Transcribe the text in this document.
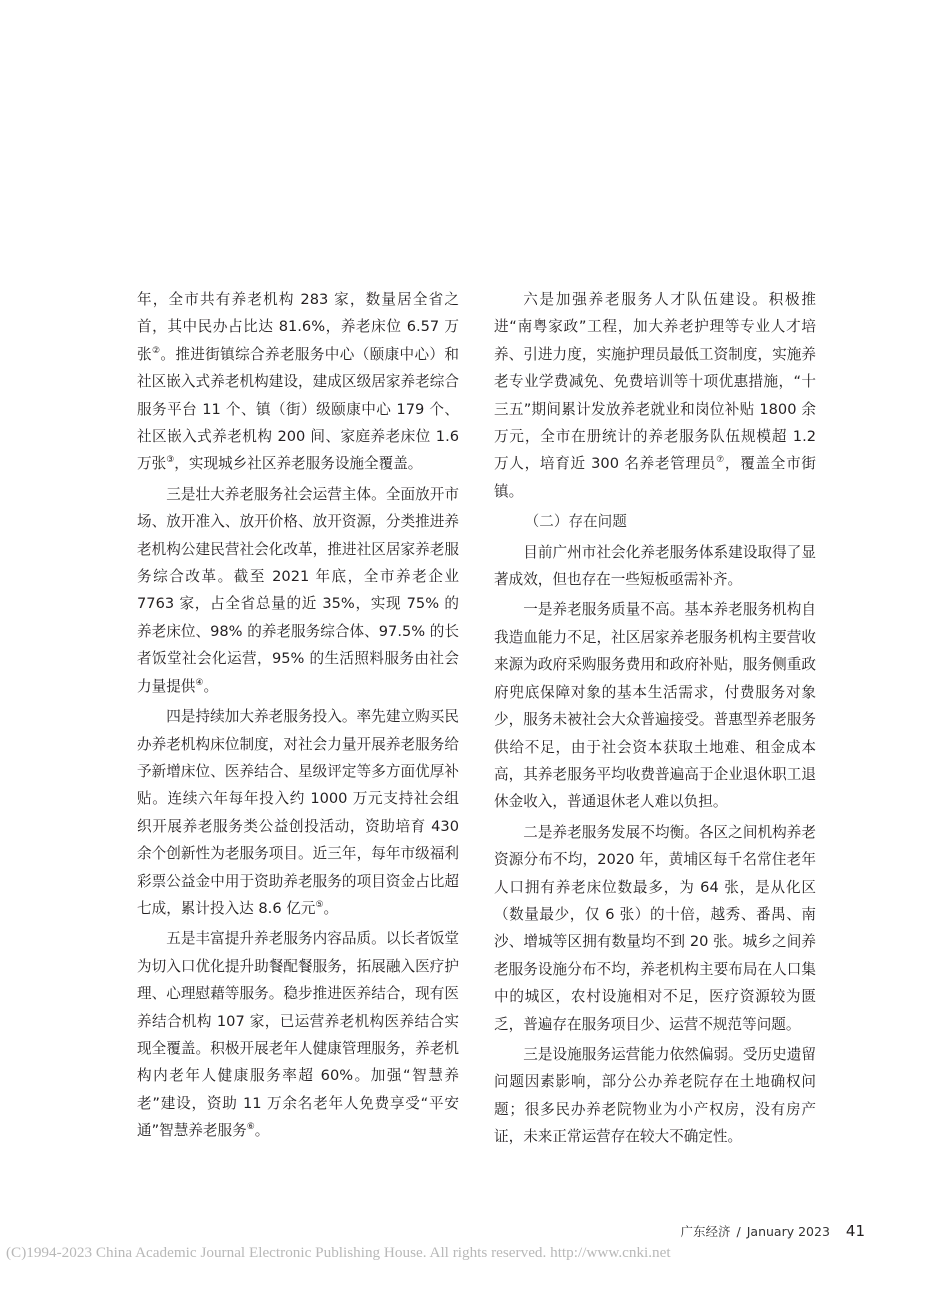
年，全市共有养老机构 283 家，数量居全省之首，其中民办占比达 81.6%，养老床位 6.57 万张②。推进街镇综合养老服务中心（颐康中心）和社区嵌入式养老机构建设，建成区级居家养老综合服务平台 11 个、镇（街）级颐康中心 179 个、社区嵌入式养老机构 200 间、家庭养老床位 1.6 万张③，实现城乡社区养老服务设施全覆盖。

三是壮大养老服务社会运营主体。全面放开市场、放开准入、放开价格、放开资源，分类推进养老机构公建民营社会化改革，推进社区居家养老服务综合改革。截至 2021 年底，全市养老企业 7763 家，占全省总量的近 35%，实现 75% 的养老床位、98% 的养老服务综合体、97.5% 的长者饭堂社会化运营，95% 的生活照料服务由社会力量提供④。

四是持续加大养老服务投入。率先建立购买民办养老机构床位制度，对社会力量开展养老服务给予新增床位、医养结合、星级评定等多方面优厚补贴。连续六年每年投入约 1000 万元支持社会组织开展养老服务类公益创投活动，资助培育 430 余个创新性为老服务项目。近三年，每年市级福利彩票公益金中用于资助养老服务的项目资金占比超七成，累计投入达 8.6 亿元⑤。

五是丰富提升养老服务内容品质。以长者饭堂为切入口优化提升助餐配餐服务，拓展融入医疗护理、心理慰藉等服务。稳步推进医养结合，现有医养结合机构 107 家，已运营养老机构医养结合实现全覆盖。积极开展老年人健康管理服务，养老机构内老年人健康服务率超 60%。加强“智慧养老”建设，资助 11 万余名老年人免费享受“平安通”智慧养老服务⑥。

六是加强养老服务人才队伍建设。积极推进“南粤家政”工程，加大养老护理等专业人才培养、引进力度，实施护理员最低工资制度，实施养老专业学费减免、免费培训等十项优惠措施，“十三五”期间累计发放养老就业和岗位补贴 1800 余万元，全市在册统计的养老服务队伍规模超 1.2 万人，培育近 300 名养老管理员⑦，覆盖全市街镇。

（二）存在问题

目前广州市社会化养老服务体系建设取得了显著成效，但也存在一些短板亟需补齐。

一是养老服务质量不高。基本养老服务机构自我造血能力不足，社区居家养老服务机构主要营收来源为政府采购服务费用和政府补贴，服务侧重政府兜底保障对象的基本生活需求，付费服务对象少，服务未被社会大众普遍接受。普惠型养老服务供给不足，由于社会资本获取土地难、租金成本高，其养老服务平均收费普遍高于企业退休职工退休金收入，普通退休老人难以负担。

二是养老服务发展不均衡。各区之间机构养老资源分布不均，2020 年，黄埔区每千名常住老年人口拥有养老床位数最多，为 64 张，是从化区（数量最少，仅 6 张）的十倍，越秀、番禺、南沙、增城等区拥有数量均不到 20 张。城乡之间养老服务设施分布不均，养老机构主要布局在人口集中的城区，农村设施相对不足，医疗资源较为匮乏，普遍存在服务项目少、运营不规范等问题。

三是设施服务运营能力依然偏弱。受历史遗留问题因素影响，部分公办养老院存在土地确权问题；很多民办养老院物业为小产权房，没有房产证，未来正常运营存在较大不确定性。

广东经济 / January 2023 41
(C)1994-2023 China Academic Journal Electronic Publishing House. All rights reserved. http://www.cnki.net
